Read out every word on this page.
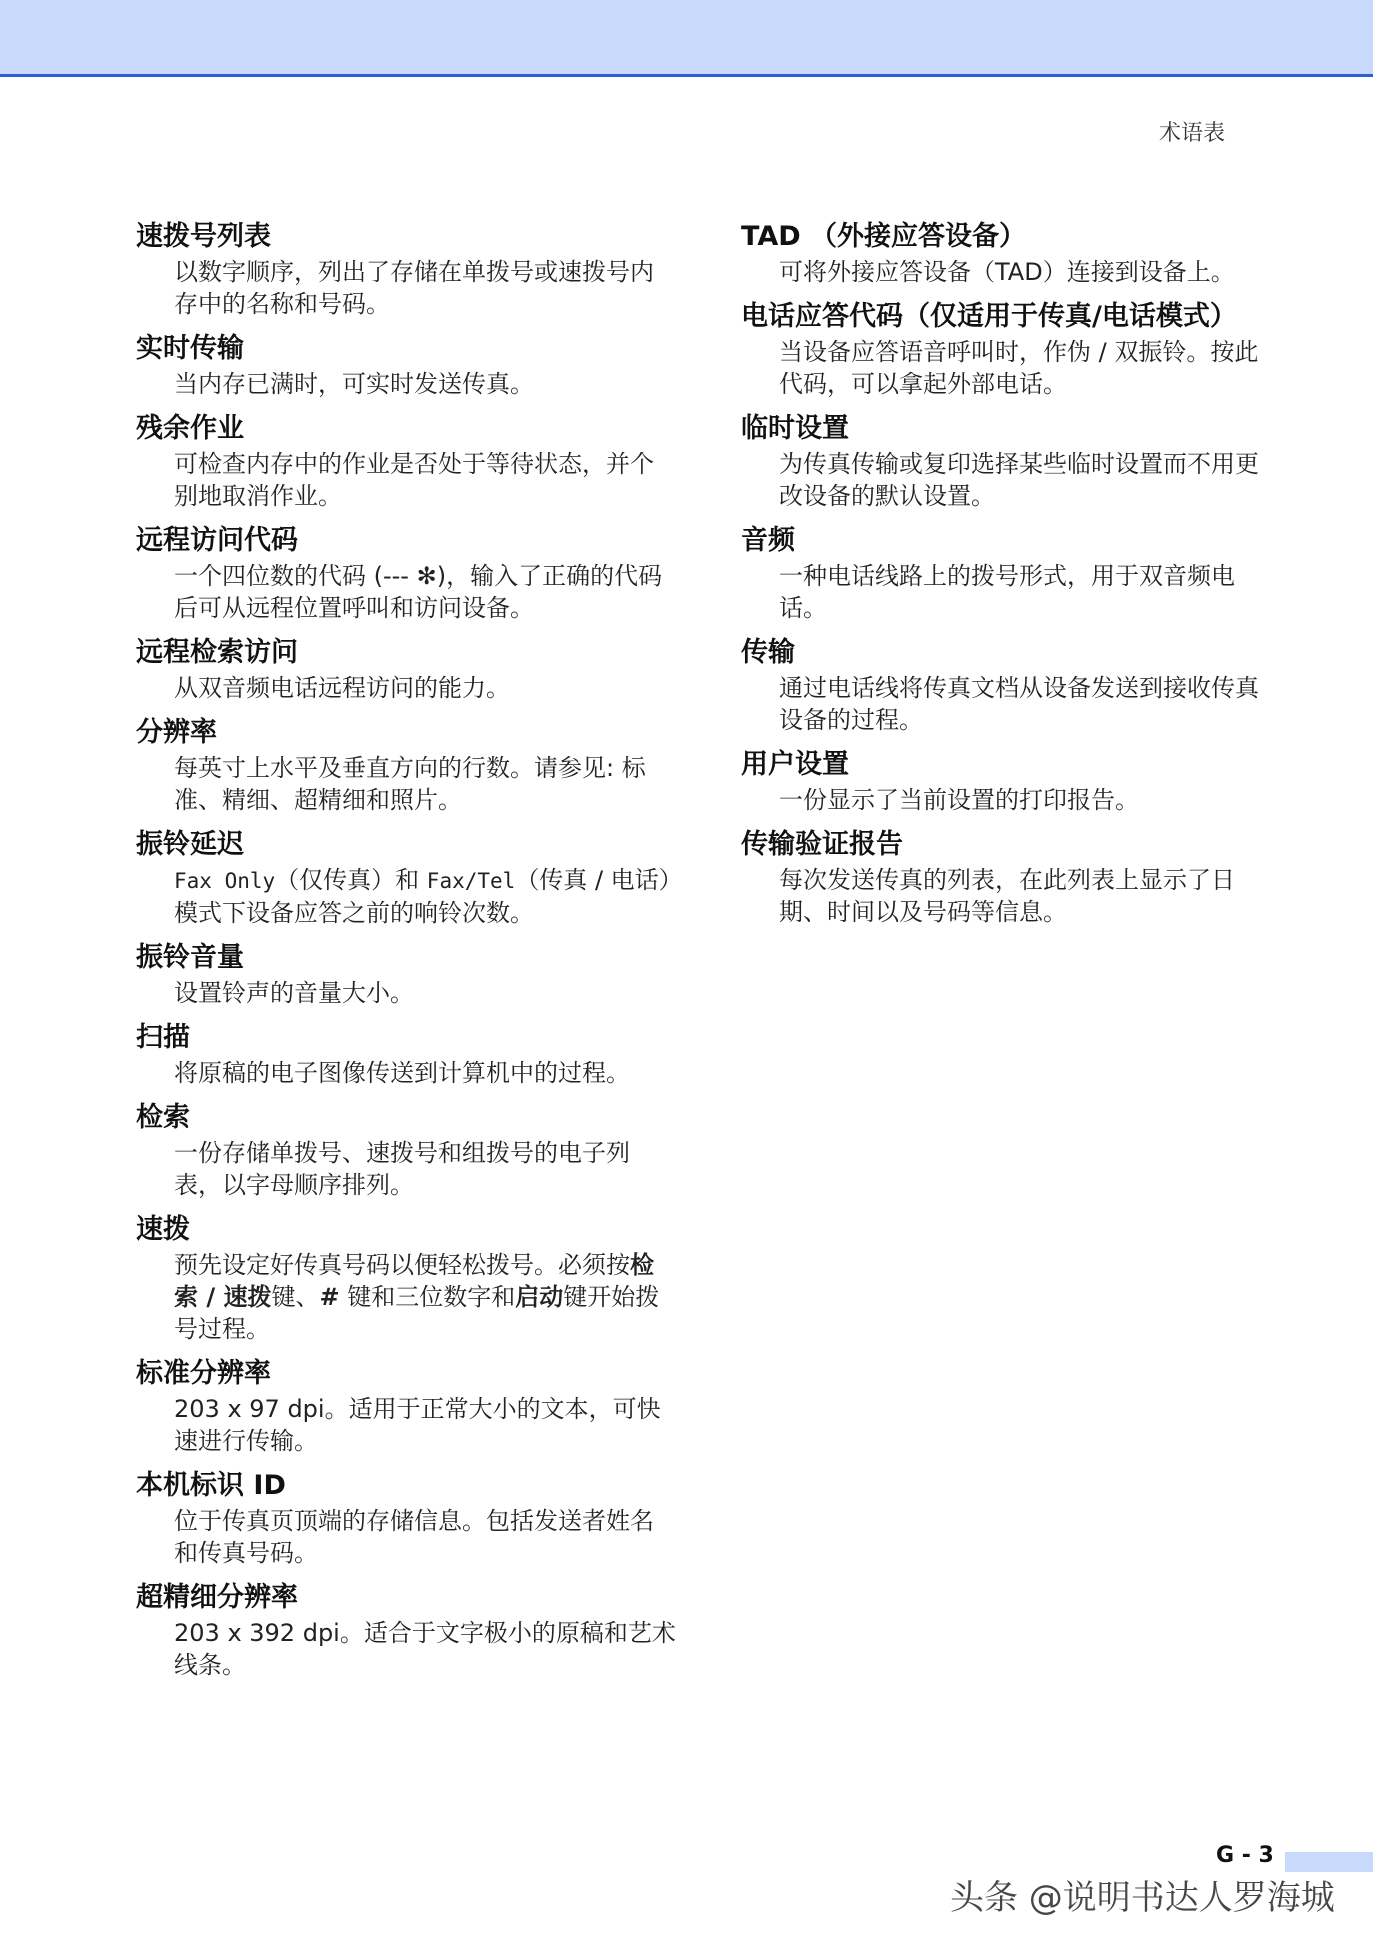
术语表
速拨号列表
以数字顺序，列出了存储在单拨号或速拨号内存中的名称和号码。
实时传输
当内存已满时，可实时发送传真。
残余作业
可检查内存中的作业是否处于等待状态，并个别地取消作业。
远程访问代码
一个四位数的代码 (--- ✻)，输入了正确的代码后可从远程位置呼叫和访问设备。
远程检索访问
从双音频电话远程访问的能力。
分辨率
每英寸上水平及垂直方向的行数。请参见: 标准、精细、超精细和照片。
振铃延迟
Fax Only（仅传真）和 Fax/Tel（传真 / 电话）模式下设备应答之前的响铃次数。
振铃音量
设置铃声的音量大小。
扫描
将原稿的电子图像传送到计算机中的过程。
检索
一份存储单拨号、速拨号和组拨号的电子列表，以字母顺序排列。
速拨
预先设定好传真号码以便轻松拨号。必须按检索 / 速拨键、# 键和三位数字和启动键开始拨号过程。
标准分辨率
203 x 97 dpi。适用于正常大小的文本，可快速进行传输。
本机标识 ID
位于传真页顶端的存储信息。包括发送者姓名和传真号码。
超精细分辨率
203 x 392 dpi。适合于文字极小的原稿和艺术线条。
TAD （外接应答设备）
可将外接应答设备（TAD）连接到设备上。
电话应答代码（仅适用于传真/电话模式）
当设备应答语音呼叫时，作伪 / 双振铃。按此代码，可以拿起外部电话。
临时设置
为传真传输或复印选择某些临时设置而不用更改设备的默认设置。
音频
一种电话线路上的拨号形式，用于双音频电话。
传输
通过电话线将传真文档从设备发送到接收传真设备的过程。
用户设置
一份显示了当前设置的打印报告。
传输验证报告
每次发送传真的列表，在此列表上显示了日期、时间以及号码等信息。
G - 3
头条 @说明书达人罗海城
